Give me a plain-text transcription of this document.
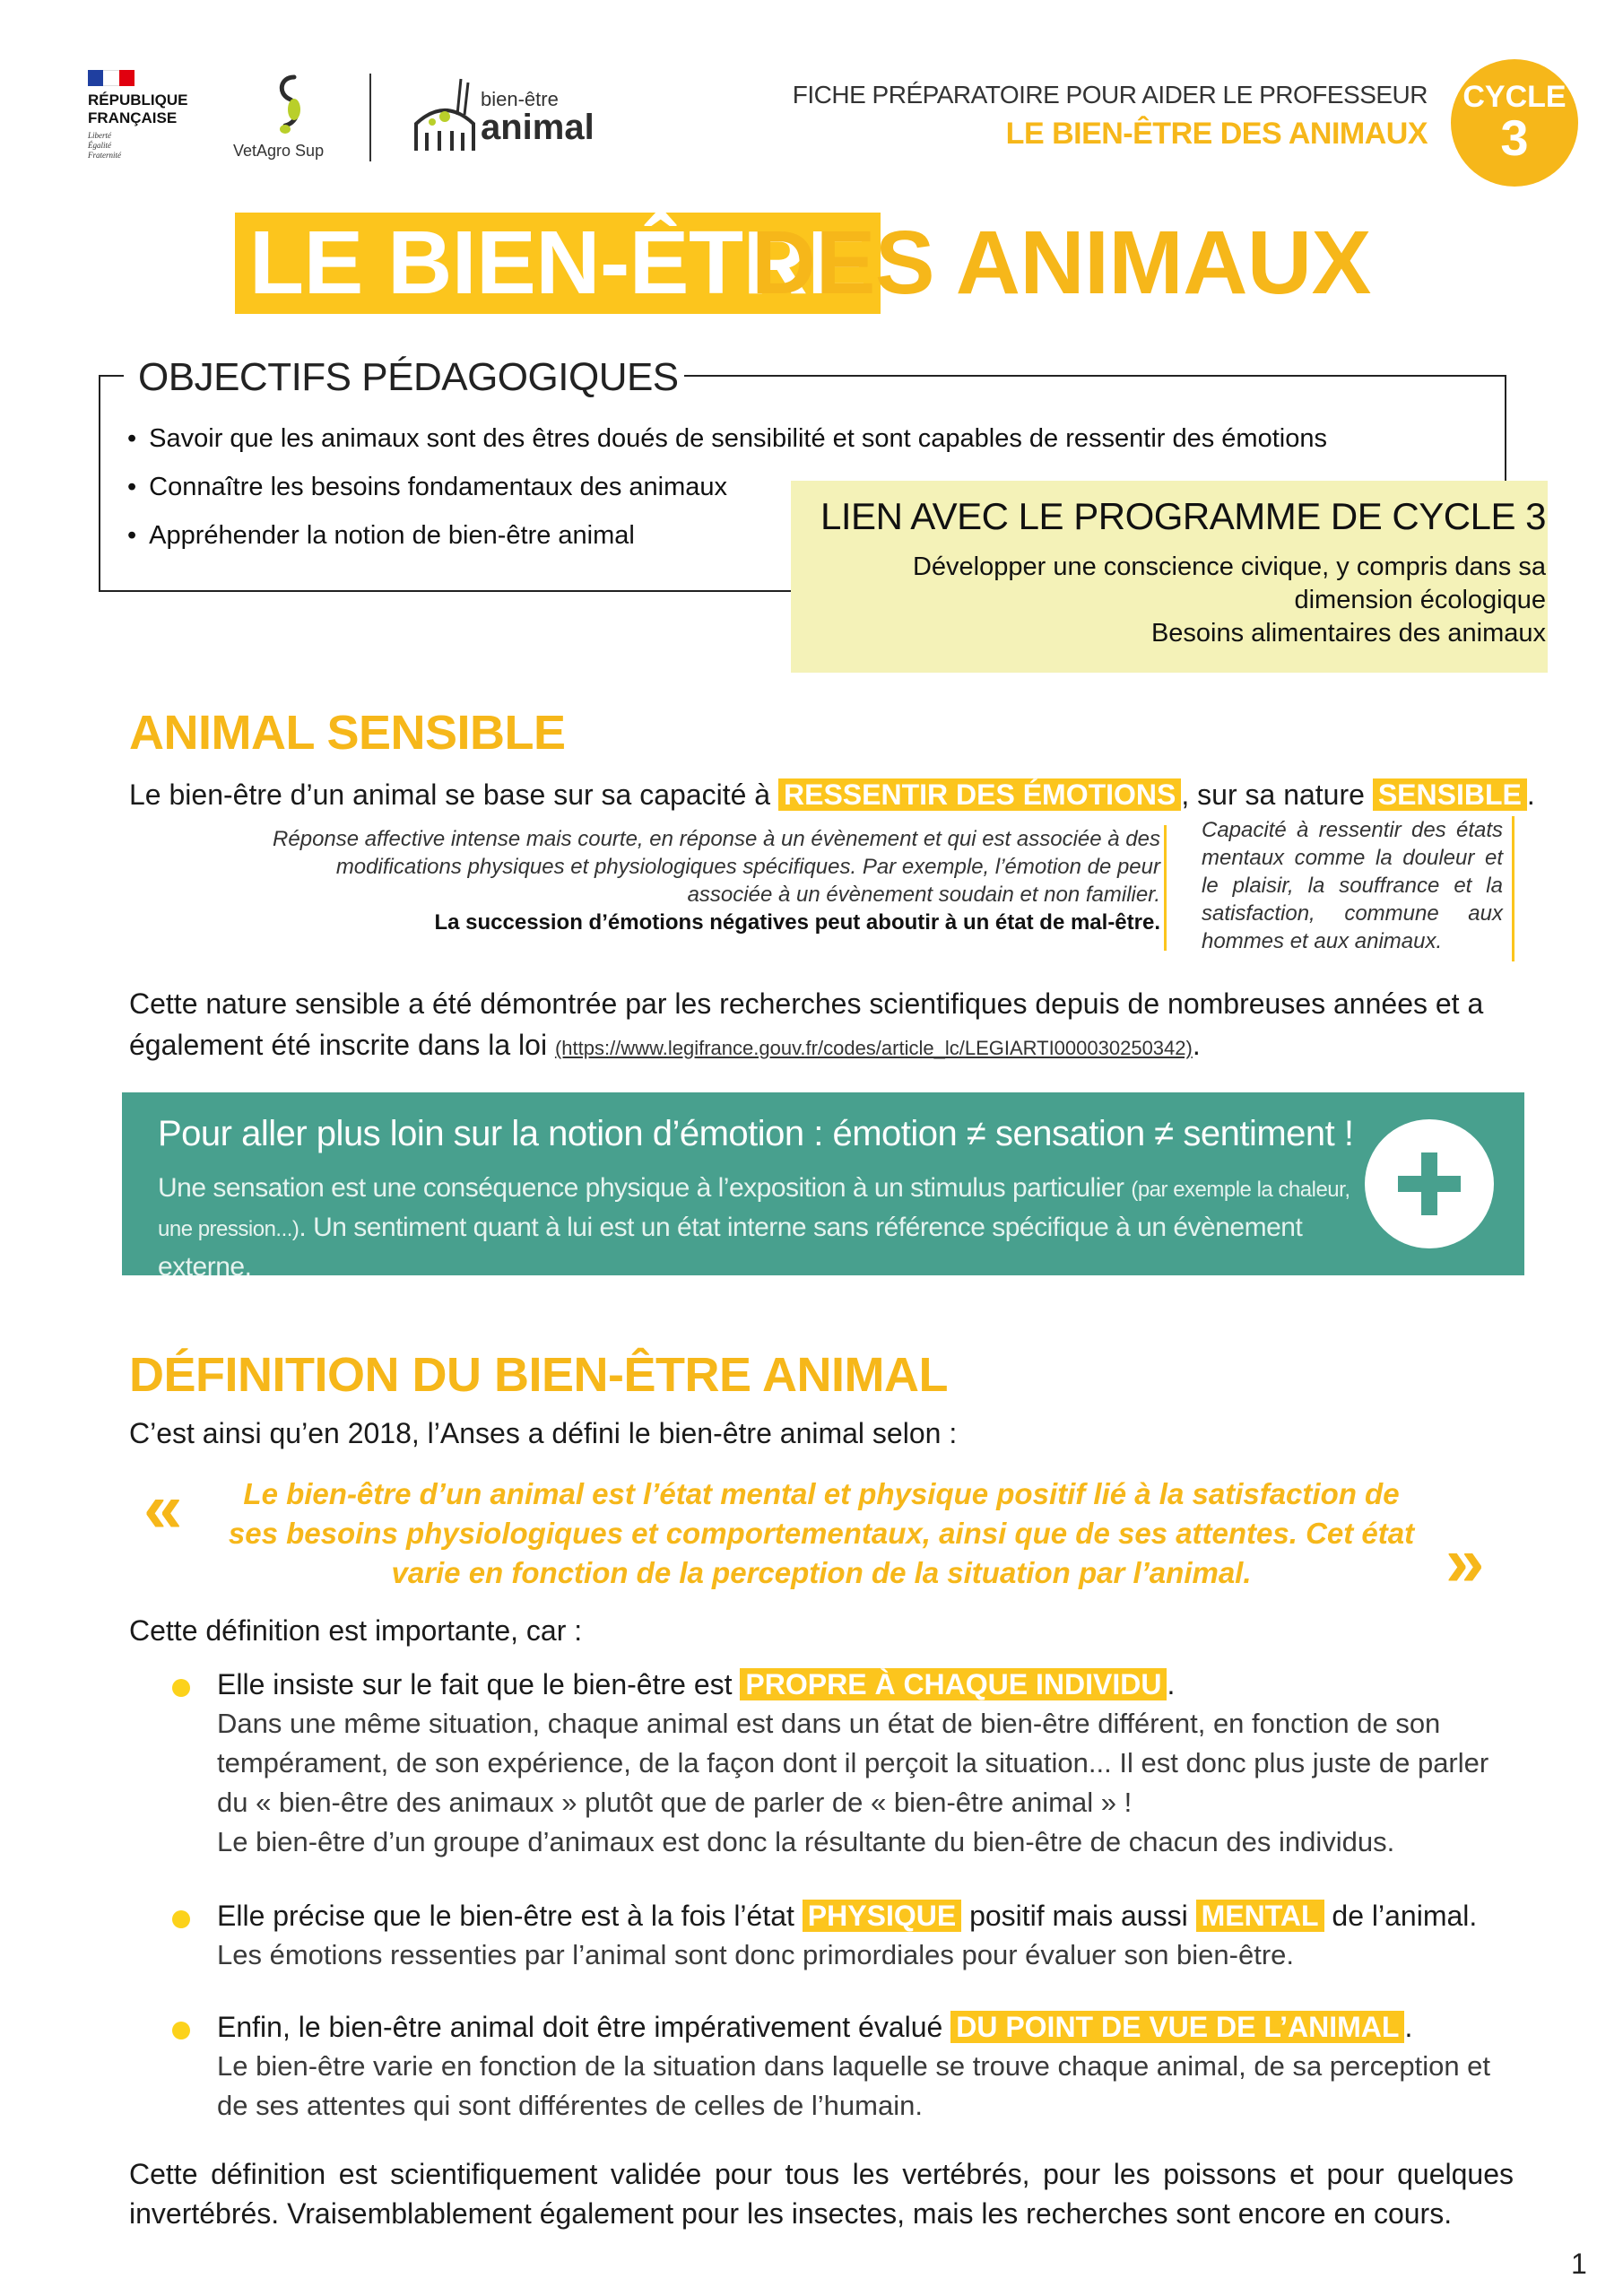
RÉPUBLIQUE
FRANÇAISE
Liberté
Égalité
Fraternité	VetAgro Sup
bien-être
animal
FICHE PRÉPARATOIRE POUR AIDER LE PROFESSEUR
LE BIEN-ÊTRE DES ANIMAUX
CYCLE
3
LE BIEN-ÊTRE
DES ANIMAUX
OBJECTIFS PÉDAGOGIQUES
• Savoir que les animaux sont des êtres doués de sensibilité et sont capables de ressentir des émotions
• Connaître les besoins fondamentaux des animaux
• Appréhender la notion de bien-être animal	LIEN AVEC LE PROGRAMME DE CYCLE 3
Développer une conscience civique, y compris dans sa
dimension écologique
Besoins alimentaires des animaux
ANIMAL SENSIBLE
Le bien-être d’un animal se base sur sa capacité à RESSENTIR DES ÉMOTIONS , sur sa nature SENSIBLE .
Réponse affective intense mais courte, en réponse à un évènement et qui est associée à des modifications physiques et physiologiques spécifiques. Par exemple, l’émotion de peur associée à un évènement soudain et non familier.
La succession d’émotions négatives peut aboutir à un état de mal-être.
Capacité à ressentir des états mentaux comme la douleur et le plaisir, la souffrance et la satisfaction, commune aux hommes et aux animaux.
Cette nature sensible a été démontrée par les recherches scientifiques depuis de nombreuses années et a également été inscrite dans la loi (https://www.legifrance.gouv.fr/codes/article_lc/LEGIARTI000030250342).
Pour aller plus loin sur la notion d’émotion : émotion ≠ sensation ≠ sentiment !
Une sensation est une conséquence physique à l’exposition à un stimulus particulier (par exemple la chaleur, une pression...). Un sentiment quant à lui est un état interne sans référence spécifique à un évènement externe.
DÉFINITION DU BIEN-ÊTRE ANIMAL
C’est ainsi qu’en 2018, l’Anses a défini le bien-être animal selon :
«	Le bien-être d’un animal est l’état mental et physique positif lié à la satisfaction de ses besoins physiologiques et comportementaux, ainsi que de ses attentes. Cet état varie en fonction de la perception de la situation par l’animal.	»
Cette définition est importante, car :
Elle insiste sur le fait que le bien-être est PROPRE À CHAQUE INDIVIDU .
Dans une même situation, chaque animal est dans un état de bien-être différent, en fonction de son tempérament, de son expérience, de la façon dont il perçoit la situation... Il est donc plus juste de parler du « bien-être des animaux » plutôt que de parler de « bien-être animal » !
Le bien-être d’un groupe d’animaux est donc la résultante du bien-être de chacun des individus.
Elle précise que le bien-être est à la fois l’état PHYSIQUE positif mais aussi MENTAL de l’animal.
Les émotions ressenties par l’animal sont donc primordiales pour évaluer son bien-être.
Enfin, le bien-être animal doit être impérativement évalué DU POINT DE VUE DE L’ANIMAL .
Le bien-être varie en fonction de la situation dans laquelle se trouve chaque animal, de sa perception et de ses attentes qui sont différentes de celles de l’humain.
Cette définition est scientifiquement validée pour tous les vertébrés, pour les poissons et pour quelques invertébrés. Vraisemblablement également pour les insectes, mais les recherches sont encore en cours.
1
